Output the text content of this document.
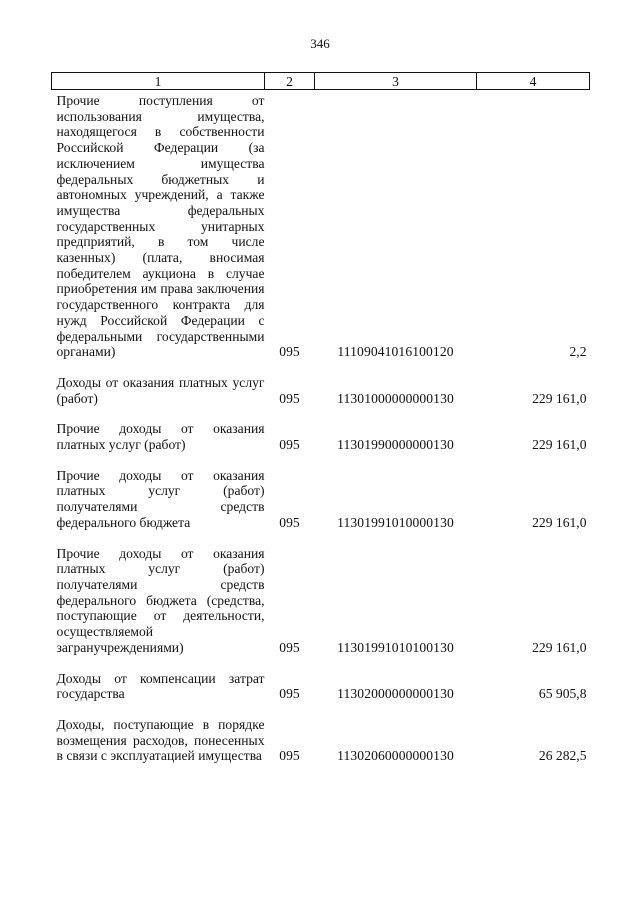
346
1	2	3	4
Прочие поступления от использования имущества, находящегося в собственности Российской Федерации (за исключением имущества федеральных бюджетных и автономных учреждений, а также имущества федеральных государственных унитарных предприятий, в том числе казенных) (плата, вносимая победителем аукциона в случае приобретения им права заключения государственного контракта для нужд Российской Федерации с федеральными государственными органами)	095	11109041016100120	2,2
Доходы от оказания платных услуг (работ)	095	11301000000000130	229 161,0
Прочие доходы от оказания платных услуг (работ)	095	11301990000000130	229 161,0
Прочие доходы от оказания платных услуг (работ) получателями средств федерального бюджета	095	11301991010000130	229 161,0
Прочие доходы от оказания платных услуг (работ) получателями средств федерального бюджета (средства, поступающие от деятельности, осуществляемой загранучреждениями)	095	11301991010100130	229 161,0
Доходы от компенсации затрат государства	095	11302000000000130	65 905,8
Доходы, поступающие в порядке возмещения расходов, понесенных в связи с эксплуатацией имущества	095	11302060000000130	26 282,5
